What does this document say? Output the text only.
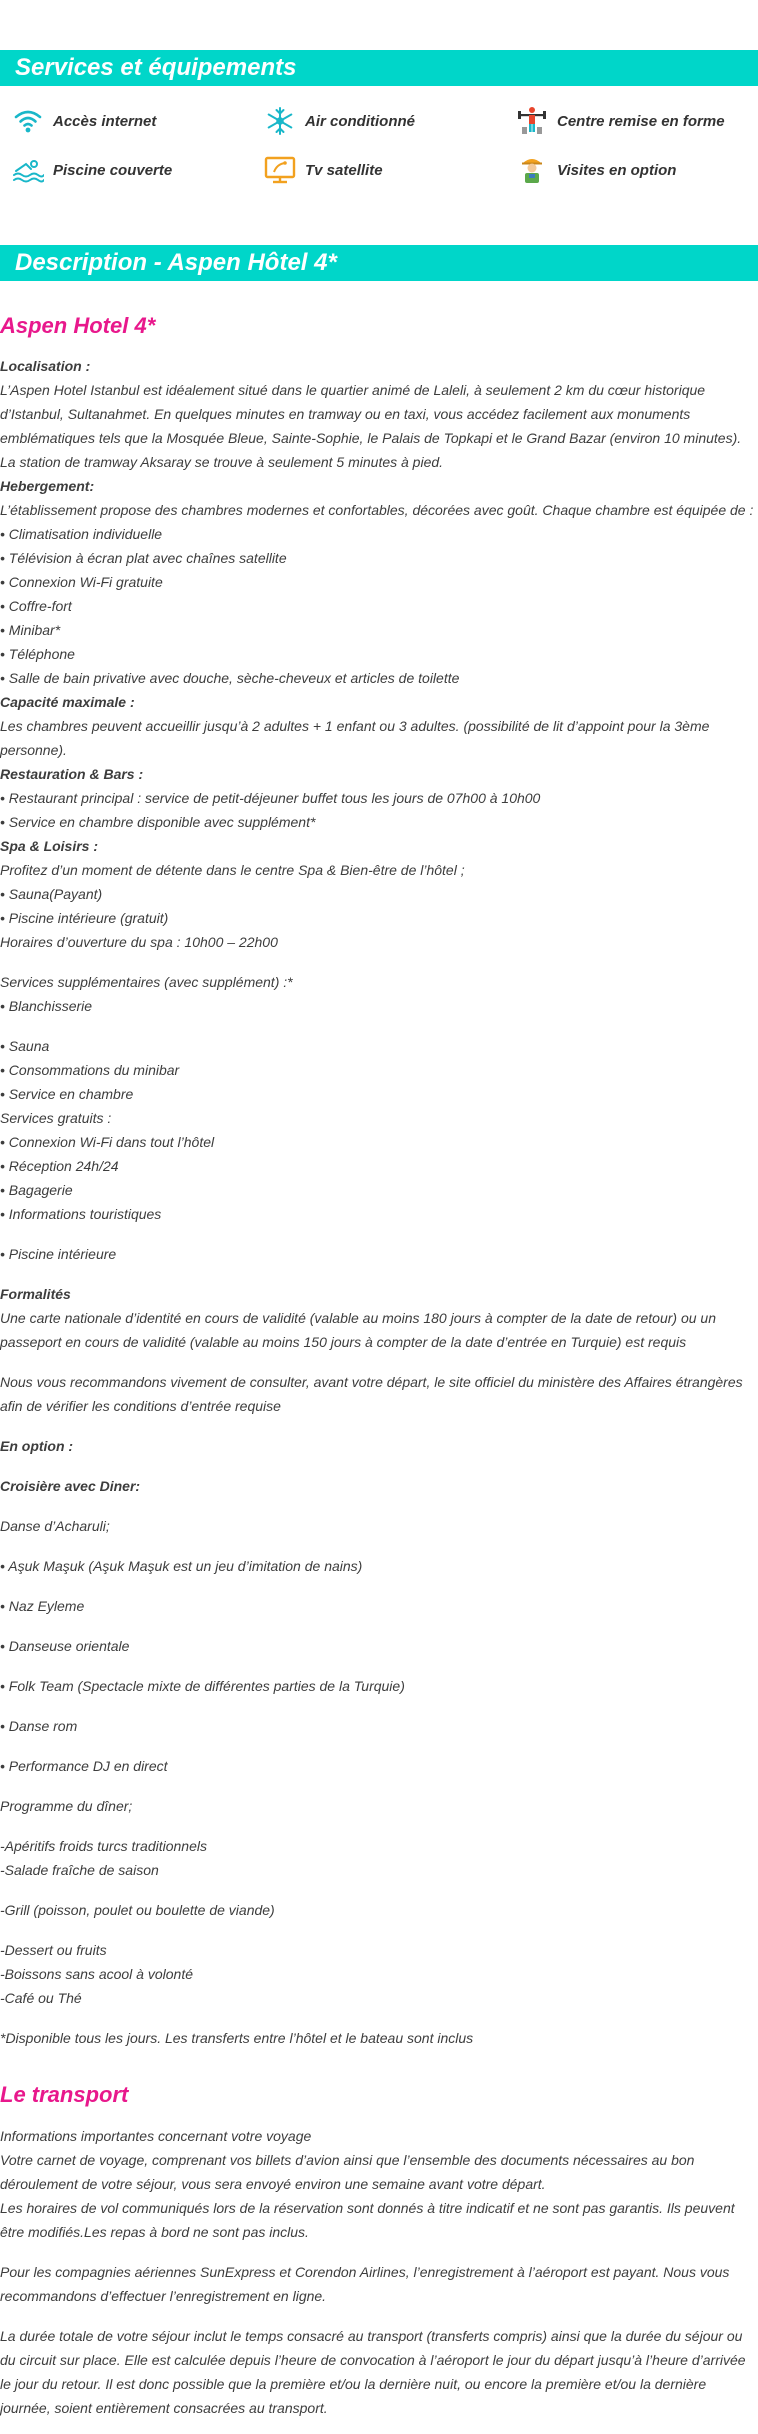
Services et équipements
Accès internet	Air conditionné	Centre remise en forme
Piscine couverte	Tv satellite	Visites en option
Description - Aspen Hôtel 4*
Aspen Hotel 4*

Localisation :

L’Aspen Hotel Istanbul est idéalement situé dans le quartier animé de Laleli, à seulement 2 km du cœur historique d’Istanbul, Sultanahmet. En quelques minutes en tramway ou en taxi, vous accédez facilement aux monuments emblématiques tels que la Mosquée Bleue, Sainte-Sophie, le Palais de Topkapi et le Grand Bazar (environ 10 minutes). La station de tramway Aksaray se trouve à seulement 5 minutes à pied.

Hebergement:

L’établissement propose des chambres modernes et confortables, décorées avec goût. Chaque chambre est équipée de :

• Climatisation individuelle

• Télévision à écran plat avec chaînes satellite

• Connexion Wi-Fi gratuite

• Coffre-fort

• Minibar*

• Téléphone

• Salle de bain privative avec douche, sèche-cheveux et articles de toilette

Capacité maximale :

Les chambres peuvent accueillir jusqu’à 2 adultes + 1 enfant ou 3 adultes. (possibilité de lit d’appoint pour la 3ème personne).

Restauration & Bars :

• Restaurant principal : service de petit-déjeuner buffet tous les jours de 07h00 à 10h00

• Service en chambre disponible avec supplément*

Spa & Loisirs :

Profitez d’un moment de détente dans le centre Spa & Bien-être de l’hôtel ;

• Sauna(Payant)

• Piscine intérieure (gratuit)

Horaires d’ouverture du spa : 10h00 – 22h00

Services supplémentaires (avec supplément) :*

• Blanchisserie

• Sauna

• Consommations du minibar

• Service en chambre

Services gratuits :

• Connexion Wi-Fi dans tout l’hôtel

• Réception 24h/24

• Bagagerie

• Informations touristiques

• Piscine intérieure

Formalités

Une carte nationale d’identité en cours de validité (valable au moins 180 jours à compter de la date de retour) ou un passeport en cours de validité (valable au moins 150 jours à compter de la date d’entrée en Turquie) est requis

Nous vous recommandons vivement de consulter, avant votre départ, le site officiel du ministère des Affaires étrangères afin de vérifier les conditions d’entrée requise

En option :

Croisière avec Diner:

Danse d’Acharuli;

• Aşuk Maşuk (Aşuk Maşuk est un jeu d’imitation de nains)

• Naz Eyleme

• Danseuse orientale

• Folk Team (Spectacle mixte de différentes parties de la Turquie)

• Danse rom

• Performance DJ en direct

Programme du dîner;

-Apéritifs froids turcs traditionnels

-Salade fraîche de saison

-Grill (poisson, poulet ou boulette de viande)

-Dessert ou fruits

-Boissons sans acool à volonté

-Café ou Thé

*Disponible tous les jours. Les transferts entre l’hôtel et le bateau sont inclus

Le transport

Informations importantes concernant votre voyage

Votre carnet de voyage, comprenant vos billets d’avion ainsi que l’ensemble des documents nécessaires au bon déroulement de votre séjour, vous sera envoyé environ une semaine avant votre départ.

Les horaires de vol communiqués lors de la réservation sont donnés à titre indicatif et ne sont pas garantis. Ils peuvent être modifiés.Les repas à bord ne sont pas inclus.

Pour les compagnies aériennes SunExpress et Corendon Airlines, l’enregistrement à l’aéroport est payant. Nous vous recommandons d’effectuer l’enregistrement en ligne.

La durée totale de votre séjour inclut le temps consacré au transport (transferts compris) ainsi que la durée du séjour ou du circuit sur place. Elle est calculée depuis l’heure de convocation à l’aéroport le jour du départ jusqu’à l’heure d’arrivée le jour du retour. Il est donc possible que la première et/ou la dernière nuit, ou encore la première et/ou la dernière journée, soient entièrement consacrées au transport.
